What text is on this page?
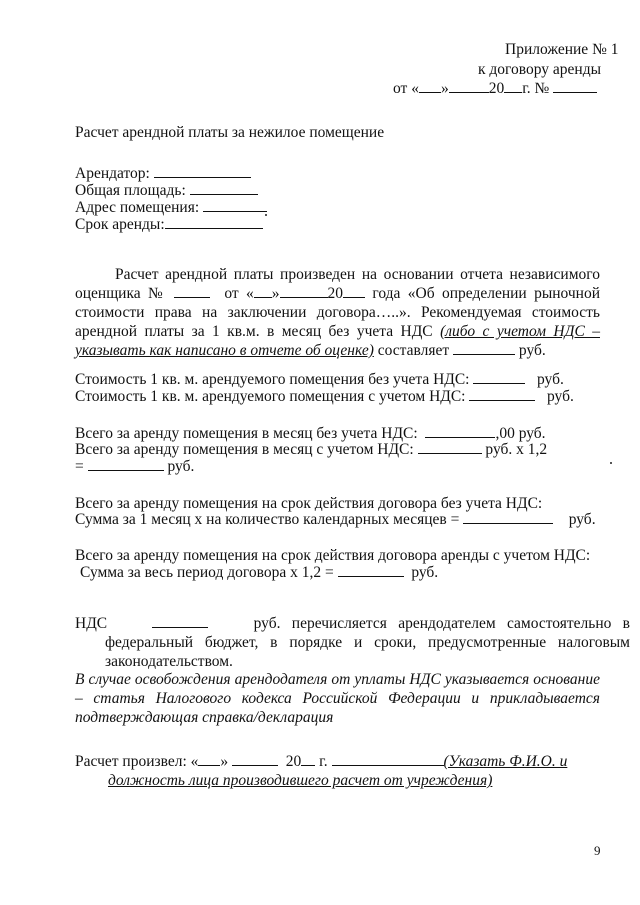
Приложение № 1
к договору аренды
от « »	20 г. №
Расчет арендной платы за нежилое помещение
Арендатор:
Общая площадь:
Адрес помещения:
Срок аренды:
Расчет арендной платы произведен на основании отчета независимого оценщика №	от « »	20 года «Об определении рыночной стоимости права на заключении договора…..». Рекомендуемая стоимость арендной платы за 1 кв.м. в месяц без учета НДС (либо с учетом НДС – указывать как написано в отчете об оценке) составляет	руб.
Стоимость 1 кв. м. арендуемого помещения без учета НДС:	руб.
Стоимость 1 кв. м. арендуемого помещения с учетом НДС:	руб.
Всего за аренду помещения в месяц без учета НДС:	,00 руб.
Всего за аренду помещения в месяц с учетом НДС:	руб. х 1,2
=	руб.
Всего за аренду помещения на срок действия договора без учета НДС:
Сумма за 1 месяц х на количество календарных месяцев =	руб.
Всего за аренду помещения на срок действия договора аренды с учетом НДС:
Сумма за весь период договора х 1,2 =	руб.
НДС	руб. перечисляется арендодателем самостоятельно в федеральный бюджет, в порядке и сроки, предусмотренные налоговым законодательством.
В случае освобождения арендодателя от уплаты НДС указывается основание – статья Налогового кодекса Российской Федерации и прикладывается подтверждающая справка/декларация
Расчет произвел: « »	20 г.	(Указать Ф.И.О. и
должность лица производившего расчет от учреждения)
9
